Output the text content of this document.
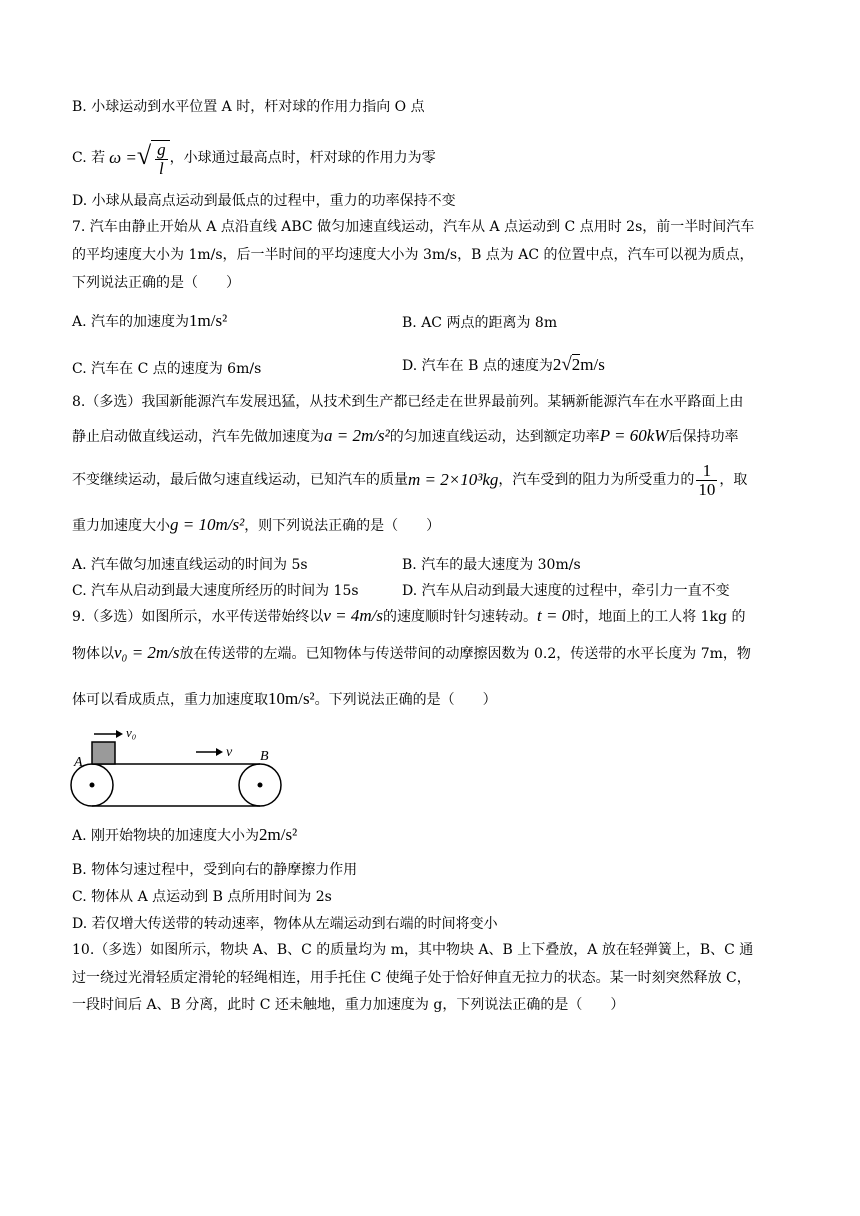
B. 小球运动到水平位置 A 时，杆对球的作用力指向 O 点
C. 若 ω = √ $\frac{g}{l}$ ，小球通过最高点时，杆对球的作用力为零
D. 小球从最高点运动到最低点的过程中，重力的功率保持不变
7. 汽车由静止开始从 A 点沿直线 ABC 做匀加速直线运动，汽车从 A 点运动到 C 点用时 2s，前一半时间汽车
的平均速度大小为 1m/s，后一半时间的平均速度大小为 3m/s，B 点为 AC 的位置中点，汽车可以视为质点，
下列说法正确的是（　　）
A. 汽车的加速度为1m/s²	B. AC 两点的距离为 8m
C. 汽车在 C 点的速度为 6m/s	D. 汽车在 B 点的速度为2√2m/s
8.（多选）我国新能源汽车发展迅猛，从技术到生产都已经走在世界最前列。某辆新能源汽车在水平路面上由
静止启动做直线运动，汽车先做加速度为a = 2m/s²的匀加速直线运动，达到额定功率P = 60kW后保持功率
不变继续运动，最后做匀速直线运动，已知汽车的质量 m = 2×10³kg ，汽车受到的阻力为所受重力的 $\frac{1}{10}$ ，取
重力加速度大小g = 10m/s²，则下列说法正确的是（　　）
A. 汽车做匀加速直线运动的时间为 5s	B. 汽车的最大速度为 30m/s
C. 汽车从启动到最大速度所经历的时间为 15s	D. 汽车从启动到最大速度的过程中，牵引力一直不变
9.（多选）如图所示，水平传送带始终以v = 4m/s的速度顺时针匀速转动。t = 0时，地面上的工人将 1kg 的
物体以v₀ = 2m/s放在传送带的左端。已知物体与传送带间的动摩擦因数为 0.2，传送带的水平长度为 7m，物
体可以看成质点，重力加速度取10m/s²。下列说法正确的是（　　）
v₀
v
A	B
A. 刚开始物块的加速度大小为2m/s²
B. 物体匀速过程中，受到向右的静摩擦力作用
C. 物体从 A 点运动到 B 点所用时间为 2s
D. 若仅增大传送带的转动速率，物体从左端运动到右端的时间将变小
10.（多选）如图所示，物块 A、B、C 的质量均为 m，其中物块 A、B 上下叠放，A 放在轻弹簧上，B、C 通
过一绕过光滑轻质定滑轮的轻绳相连，用手托住 C 使绳子处于恰好伸直无拉力的状态。某一时刻突然释放 C，
一段时间后 A、B 分离，此时 C 还未触地，重力加速度为 g，下列说法正确的是（　　）
